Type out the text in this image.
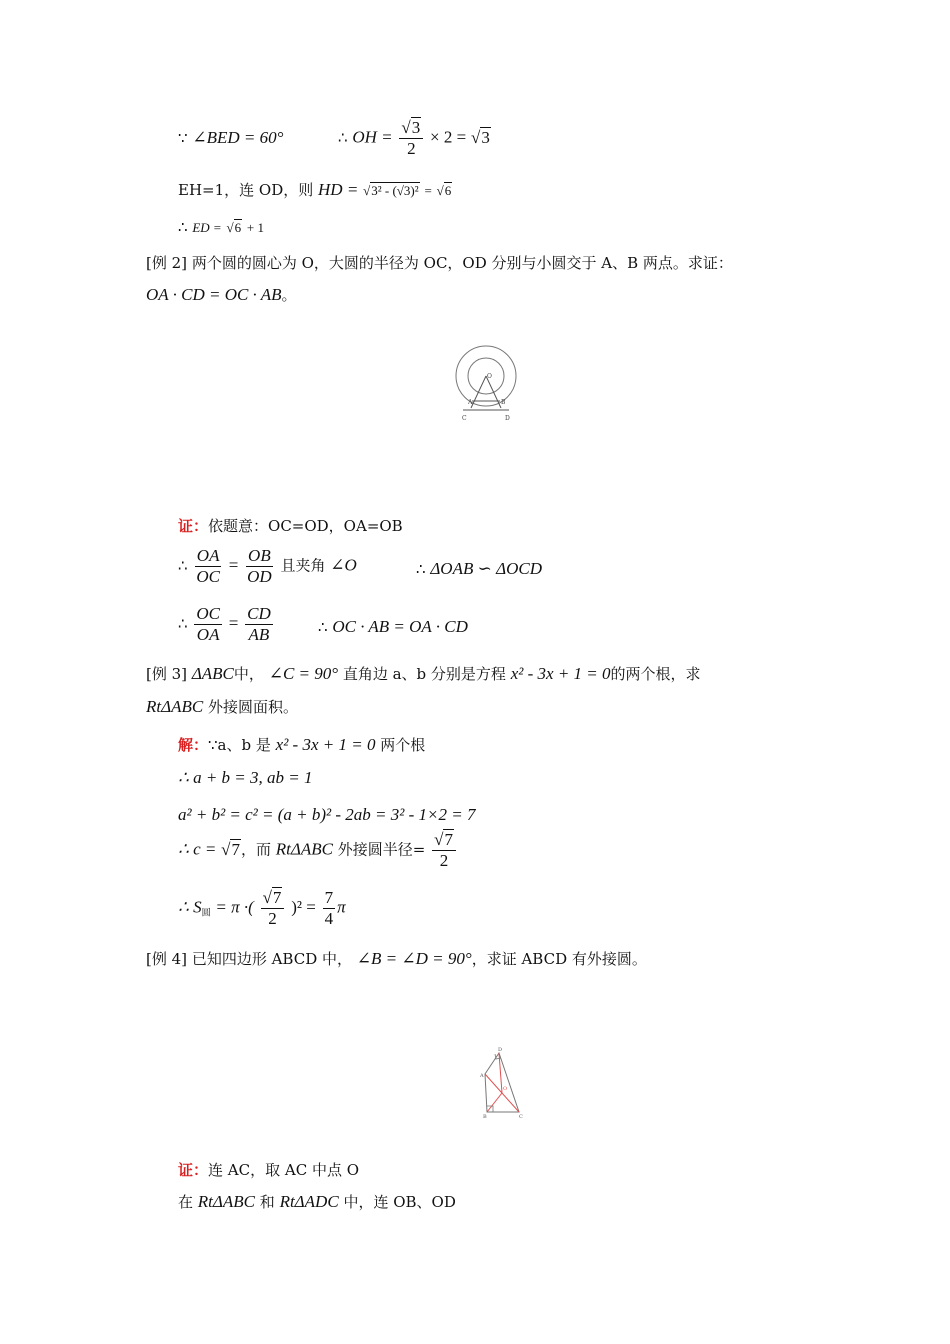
∵ ∠BED = 60°	∴ OH = $\frac{√3}{2} \times 2 = √3$
EH=1，连 OD，则 HD = √3² - (√3)² = √6
∴ ED = √6 + 1
[例 2] 两个圆的圆心为 O，大圆的半径为 OC，OD 分别与小圆交于 A、B 两点。求证：
OA · CD = OC · AB。
O
A	B
C	D
证：依题意：OC=OD，OA=OB
∴ $\frac{OA}{OC} = \frac{OB}{OD}$ 且夹角 ∠O	∴ ΔOAB ∽ ΔOCD
∴ $\frac{OC}{OA} = \frac{CD}{AB}$	∴ OC · AB = OA · CD
[例 3] ΔABC中， ∠C = 90° 直角边 a、b 分别是方程 x² - 3x + 1 = 0的两个根，求
RtΔABC 外接圆面积。
解：∵a、b 是 x² - 3x + 1 = 0 两个根
∴ a + b = 3, ab = 1
a² + b² = c² = (a + b)² - 2ab = 3² - 1×2 = 7
∴ c = √7，而 RtΔABC 外接圆半径= $\frac{√7}{2}$
∴ $S_圆 = \pi$ ·( $\frac{√7}{2} )^2 = \frac{7}{4}$ π
[例 4] 已知四边形 ABCD 中， ∠B = ∠D = 90°，求证 ABCD 有外接圆。
D
A
O
B	C
证：连 AC，取 AC 中点 O
在 RtΔABC 和 RtΔADC 中，连 OB、OD
